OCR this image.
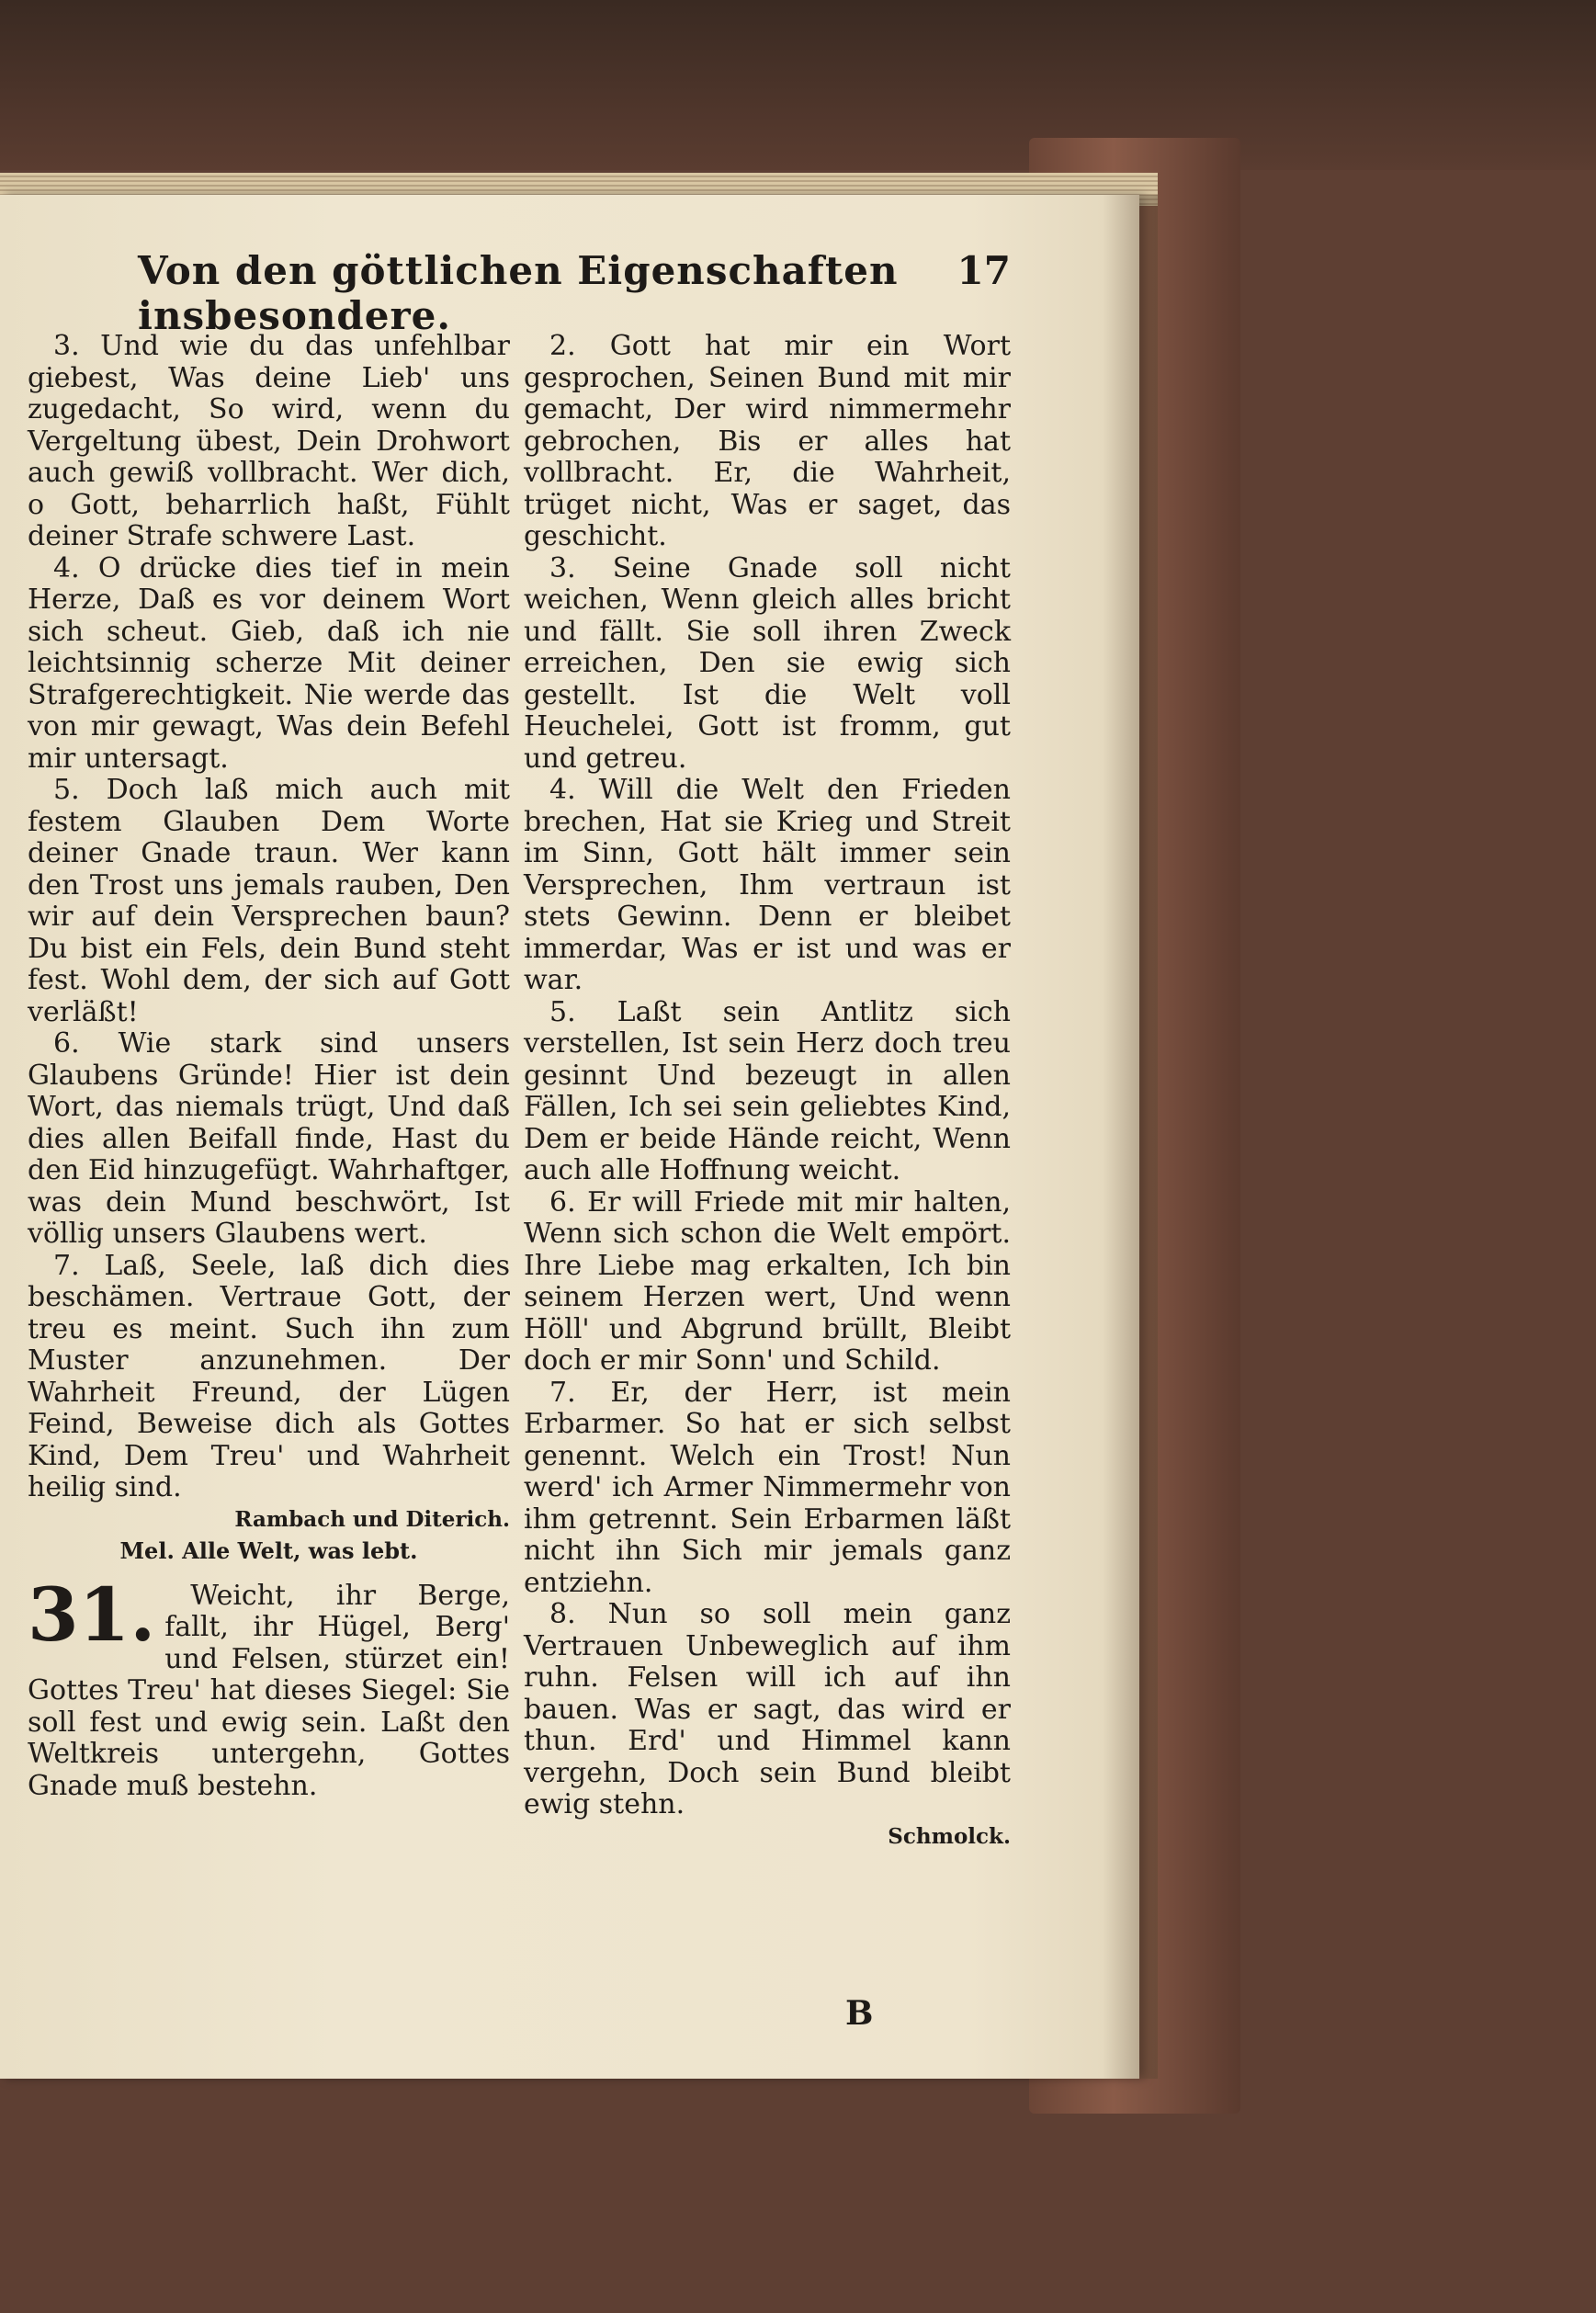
Von den göttlichen Eigenschaften insbesondere.
17

3. Und wie du das unfehlbar giebest, Was deine Lieb' uns zugedacht, So wird, wenn du Vergeltung übest, Dein Drohwort auch gewiß vollbracht. Wer dich, o Gott, beharrlich haßt, Fühlt deiner Strafe schwere Last.

4. O drücke dies tief in mein Herze, Daß es vor deinem Wort sich scheut. Gieb, daß ich nie leichtsinnig scherze Mit deiner Strafgerechtigkeit. Nie werde das von mir gewagt, Was dein Befehl mir untersagt.

5. Doch laß mich auch mit festem Glauben Dem Worte deiner Gnade traun. Wer kann den Trost uns jemals rauben, Den wir auf dein Versprechen baun? Du bist ein Fels, dein Bund steht fest. Wohl dem, der sich auf Gott verläßt!

6. Wie stark sind unsers Glaubens Gründe! Hier ist dein Wort, das niemals trügt, Und daß dies allen Beifall finde, Hast du den Eid hinzugefügt. Wahrhaftger, was dein Mund beschwört, Ist völlig unsers Glaubens wert.

7. Laß, Seele, laß dich dies beschämen. Vertraue Gott, der treu es meint. Such ihn zum Muster anzunehmen. Der Wahrheit Freund, der Lügen Feind, Beweise dich als Gottes Kind, Dem Treu' und Wahrheit heilig sind.

Rambach und Diterich.

Mel. Alle Welt, was lebt.

31.	Weicht, ihr Berge, fallt, ihr Hügel, Berg' und Felsen, stürzet ein! Gottes Treu' hat dieses Siegel: Sie soll fest und ewig sein. Laßt den Weltkreis untergehn, Gottes Gnade muß bestehn.

2. Gott hat mir ein Wort gesprochen, Seinen Bund mit mir gemacht, Der wird nimmermehr gebrochen, Bis er alles hat vollbracht. Er, die Wahrheit, trüget nicht, Was er saget, das geschicht.

3. Seine Gnade soll nicht weichen, Wenn gleich alles bricht und fällt. Sie soll ihren Zweck erreichen, Den sie ewig sich gestellt. Ist die Welt voll Heuchelei, Gott ist fromm, gut und getreu.

4. Will die Welt den Frieden brechen, Hat sie Krieg und Streit im Sinn, Gott hält immer sein Versprechen, Ihm vertraun ist stets Gewinn. Denn er bleibet immerdar, Was er ist und was er war.

5. Laßt sein Antlitz sich verstellen, Ist sein Herz doch treu gesinnt Und bezeugt in allen Fällen, Ich sei sein geliebtes Kind, Dem er beide Hände reicht, Wenn auch alle Hoffnung weicht.

6. Er will Friede mit mir halten, Wenn sich schon die Welt empört. Ihre Liebe mag erkalten, Ich bin seinem Herzen wert, Und wenn Höll' und Abgrund brüllt, Bleibt doch er mir Sonn' und Schild.

7. Er, der Herr, ist mein Erbarmer. So hat er sich selbst genennt. Welch ein Trost! Nun werd' ich Armer Nimmermehr von ihm getrennt. Sein Erbarmen läßt nicht ihn Sich mir jemals ganz entziehn.

8. Nun so soll mein ganz Vertrauen Unbeweglich auf ihm ruhn. Felsen will ich auf ihn bauen. Was er sagt, das wird er thun. Erd' und Himmel kann vergehn, Doch sein Bund bleibt ewig stehn.

Schmolck.

B
